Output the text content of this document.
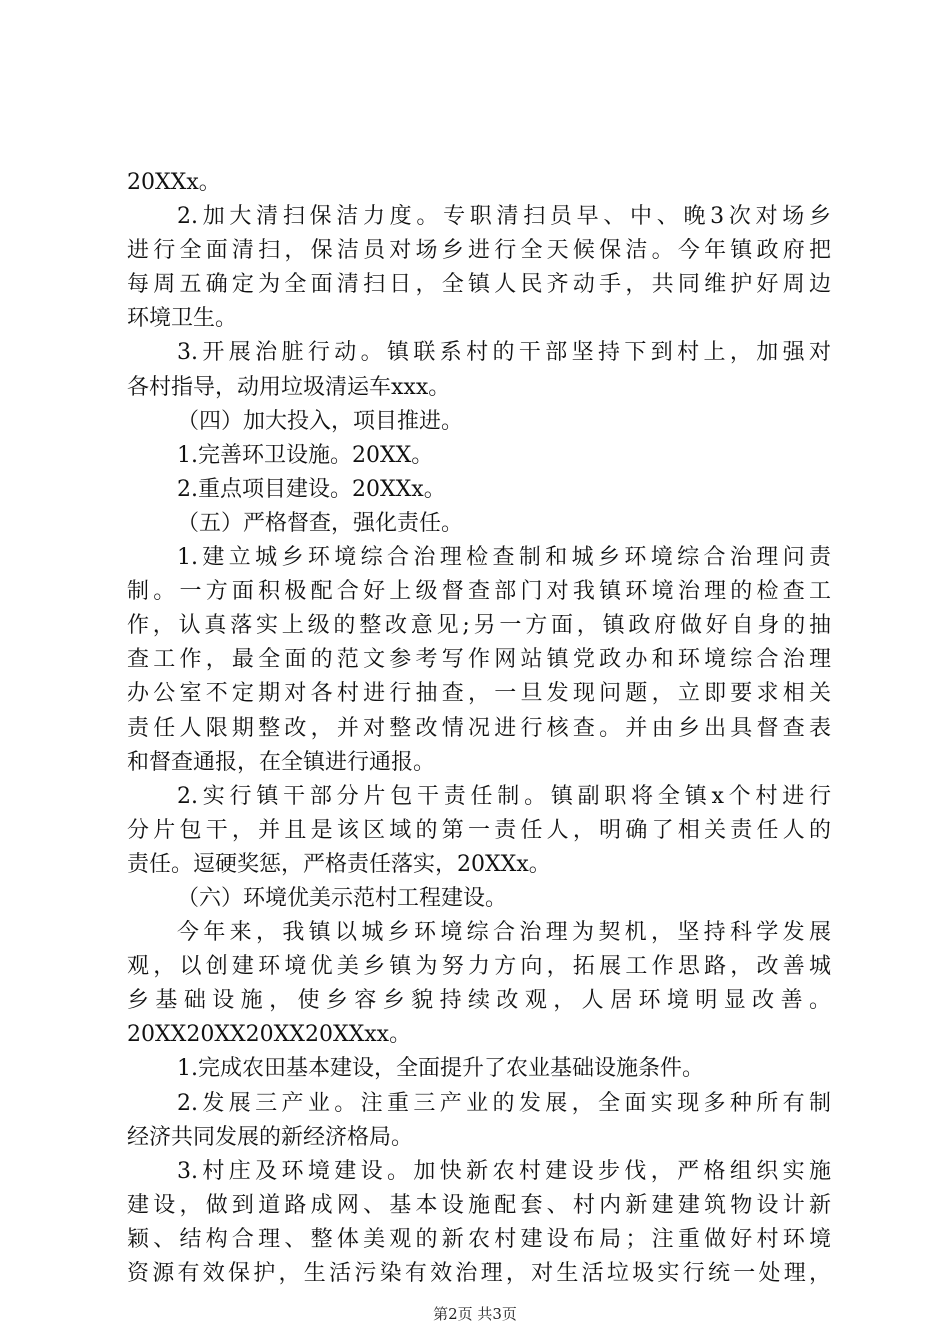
20XXx。
2.加大清扫保洁力度。专职清扫员早、中、晚3次对场乡
进行全面清扫，保洁员对场乡进行全天候保洁。今年镇政府把
每周五确定为全面清扫日，全镇人民齐动手，共同维护好周边
环境卫生。
3.开展治脏行动。镇联系村的干部坚持下到村上，加强对
各村指导，动用垃圾清运车xxx。
（四）加大投入，项目推进。
1.完善环卫设施。20XX。
2.重点项目建设。20XXx。
（五）严格督查，强化责任。
1.建立城乡环境综合治理检查制和城乡环境综合治理问责
制。一方面积极配合好上级督查部门对我镇环境治理的检查工
作，认真落实上级的整改意见;另一方面，镇政府做好自身的抽
查工作，最全面的范文参考写作网站镇党政办和环境综合治理
办公室不定期对各村进行抽查，一旦发现问题，立即要求相关
责任人限期整改，并对整改情况进行核查。并由乡出具督查表
和督查通报，在全镇进行通报。
2.实行镇干部分片包干责任制。镇副职将全镇x个村进行
分片包干，并且是该区域的第一责任人，明确了相关责任人的
责任。逗硬奖惩，严格责任落实，20XXx。
（六）环境优美示范村工程建设。
今年来，我镇以城乡环境综合治理为契机，坚持科学发展
观，以创建环境优美乡镇为努力方向，拓展工作思路，改善城
乡基础设施，使乡容乡貌持续改观，人居环境明显改善。
20XX20XX20XX20XXxx。
1.完成农田基本建设，全面提升了农业基础设施条件。
2.发展三产业。注重三产业的发展，全面实现多种所有制
经济共同发展的新经济格局。
3.村庄及环境建设。加快新农村建设步伐，严格组织实施
建设，做到道路成网、基本设施配套、村内新建建筑物设计新
颖、结构合理、整体美观的新农村建设布局；注重做好村环境
资源有效保护，生活污染有效治理，对生活垃圾实行统一处理，
第2页 共3页
